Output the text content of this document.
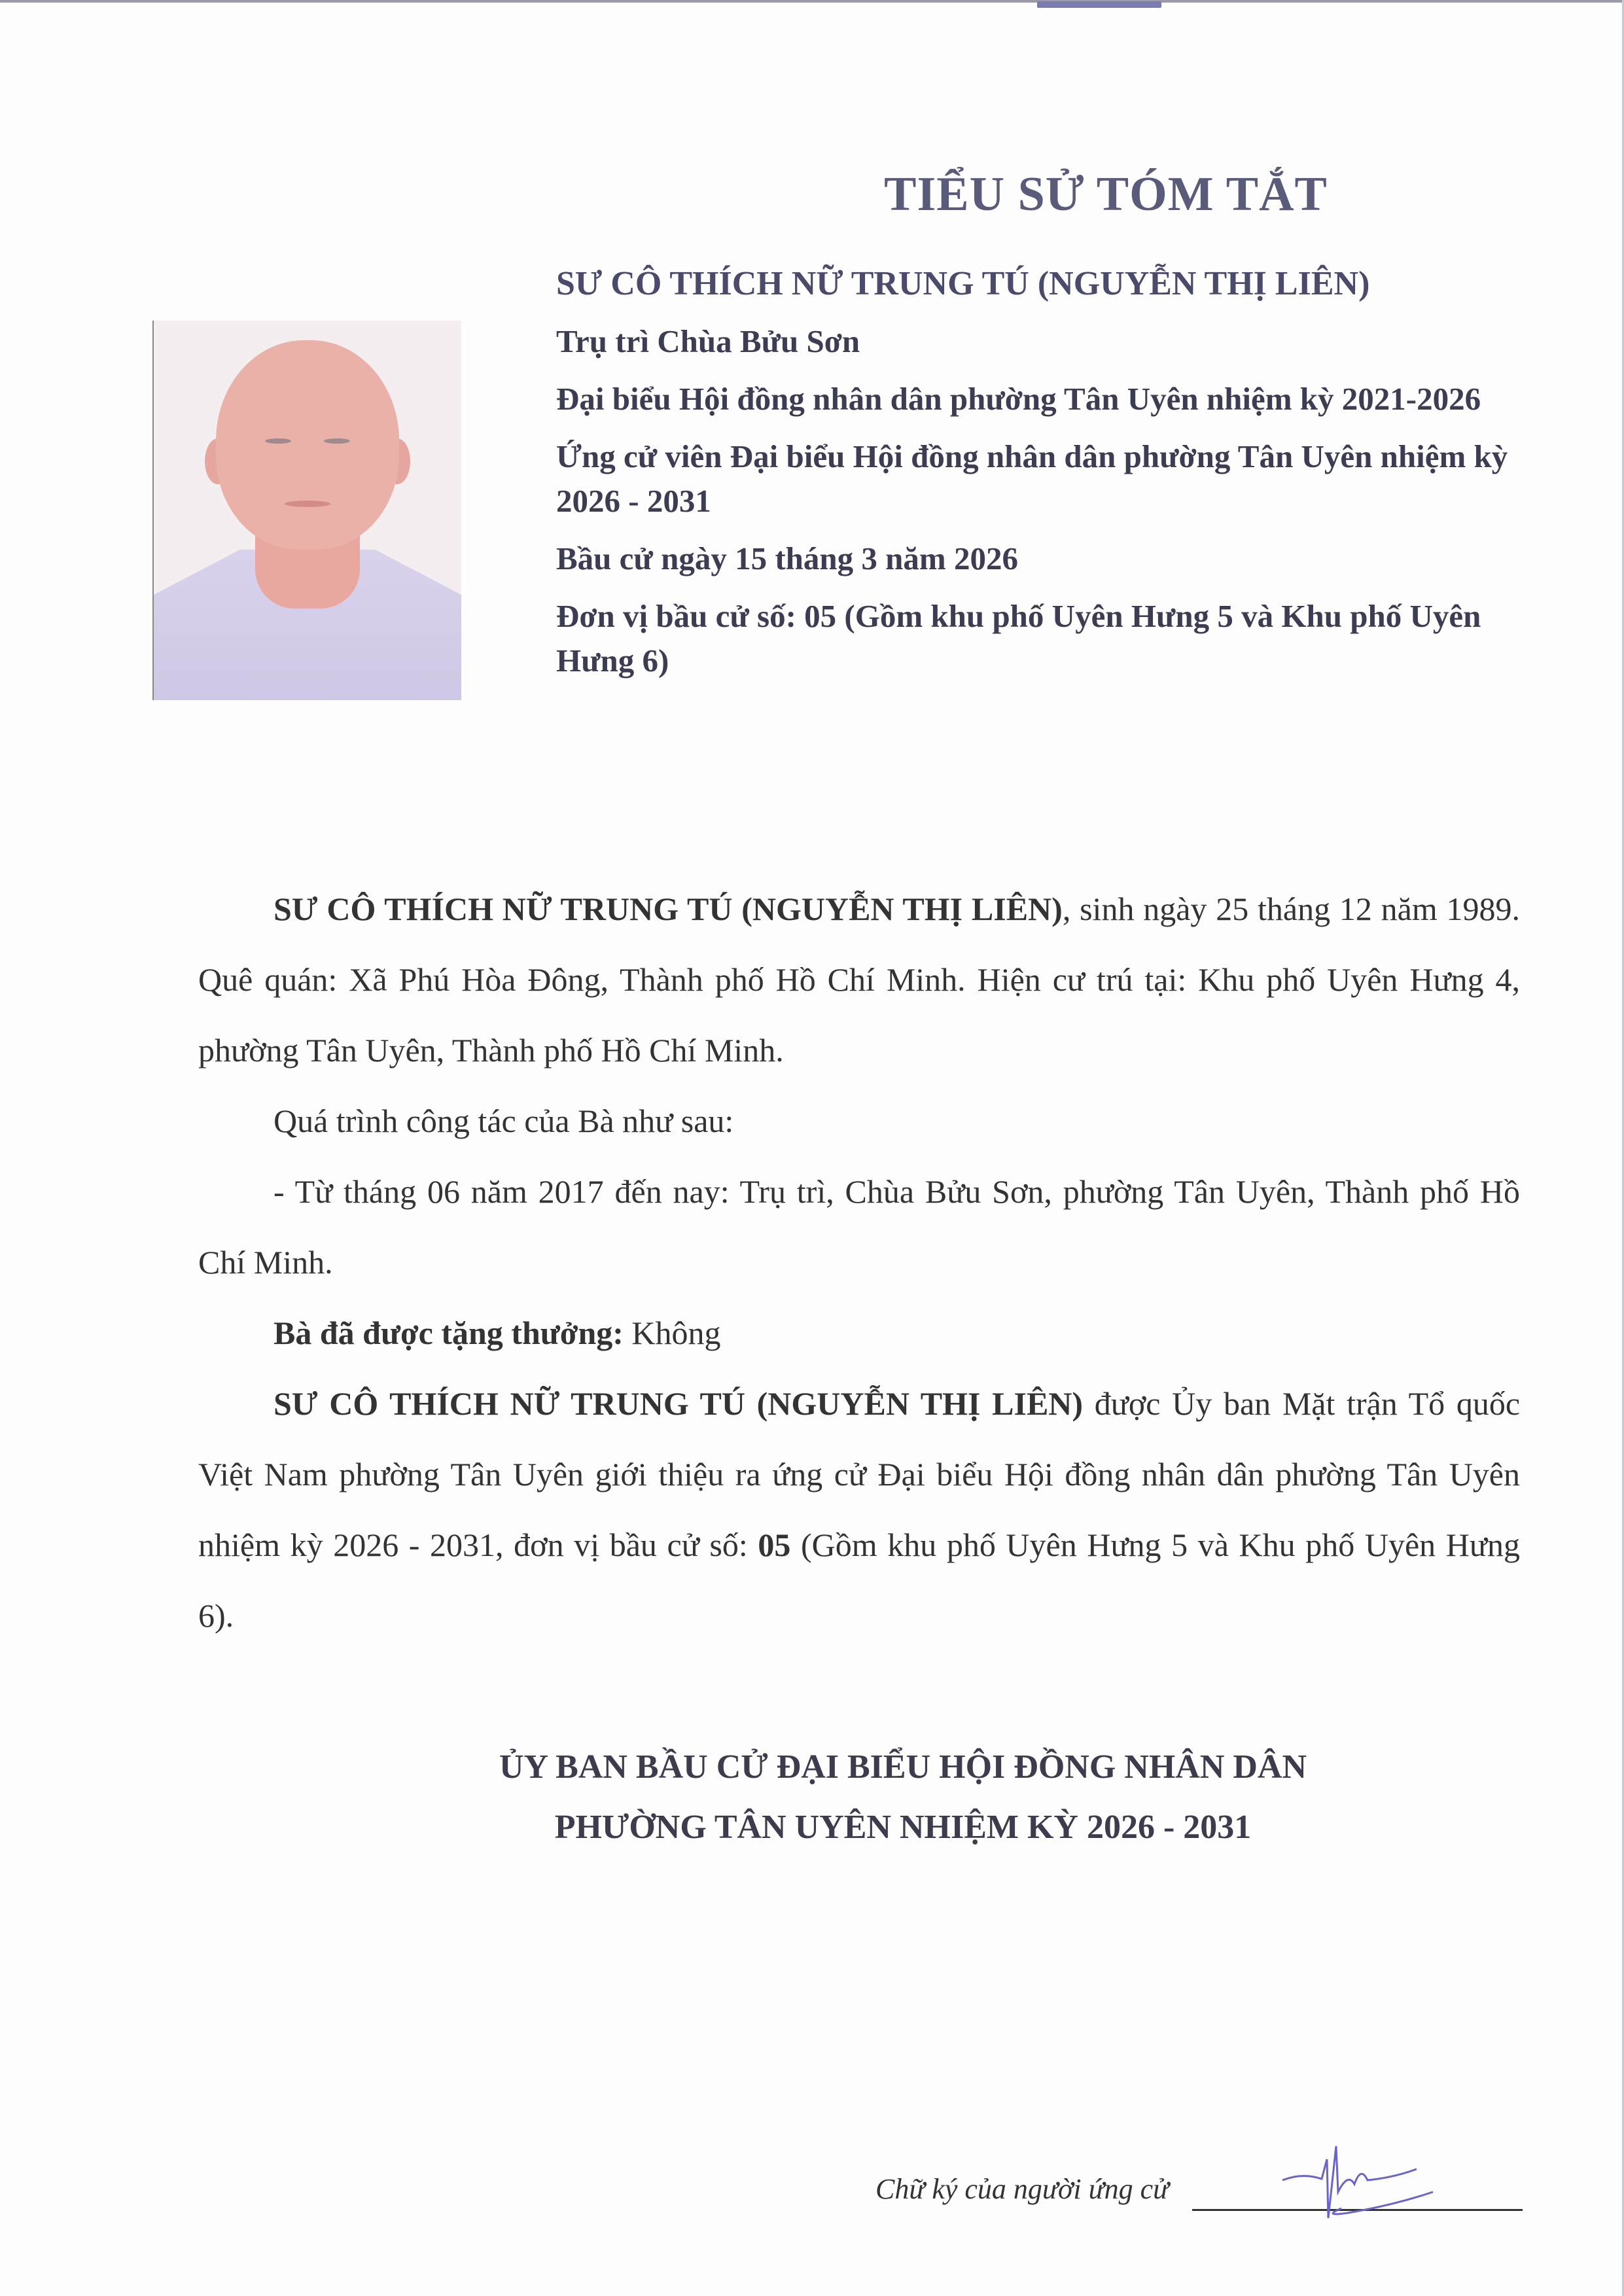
TIỂU SỬ TÓM TẮT

SƯ CÔ THÍCH NỮ TRUNG TÚ (NGUYỄN THỊ LIÊN)

Trụ trì Chùa Bửu Sơn

Đại biểu Hội đồng nhân dân phường Tân Uyên nhiệm kỳ 2021-2026

Ứng cử viên Đại biểu Hội đồng nhân dân phường Tân Uyên nhiệm kỳ 2026 - 2031

Bầu cử ngày 15 tháng 3 năm 2026

Đơn vị bầu cử số: 05 (Gồm khu phố Uyên Hưng 5 và Khu phố Uyên Hưng 6)

SƯ CÔ THÍCH NỮ TRUNG TÚ (NGUYỄN THỊ LIÊN), sinh ngày 25 tháng 12 năm 1989. Quê quán: Xã Phú Hòa Đông, Thành phố Hồ Chí Minh. Hiện cư trú tại: Khu phố Uyên Hưng 4, phường Tân Uyên, Thành phố Hồ Chí Minh.

Quá trình công tác của Bà như sau:

- Từ tháng 06 năm 2017 đến nay: Trụ trì, Chùa Bửu Sơn, phường Tân Uyên, Thành phố Hồ Chí Minh.

Bà đã được tặng thưởng: Không

SƯ CÔ THÍCH NỮ TRUNG TÚ (NGUYỄN THỊ LIÊN) được Ủy ban Mặt trận Tổ quốc Việt Nam phường Tân Uyên giới thiệu ra ứng cử Đại biểu Hội đồng nhân dân phường Tân Uyên nhiệm kỳ 2026 - 2031, đơn vị bầu cử số: 05 (Gồm khu phố Uyên Hưng 5 và Khu phố Uyên Hưng 6).

ỦY BAN BẦU CỬ ĐẠI BIỂU HỘI ĐỒNG NHÂN DÂN
PHƯỜNG TÂN UYÊN NHIỆM KỲ 2026 - 2031
Chữ ký của người ứng cử
